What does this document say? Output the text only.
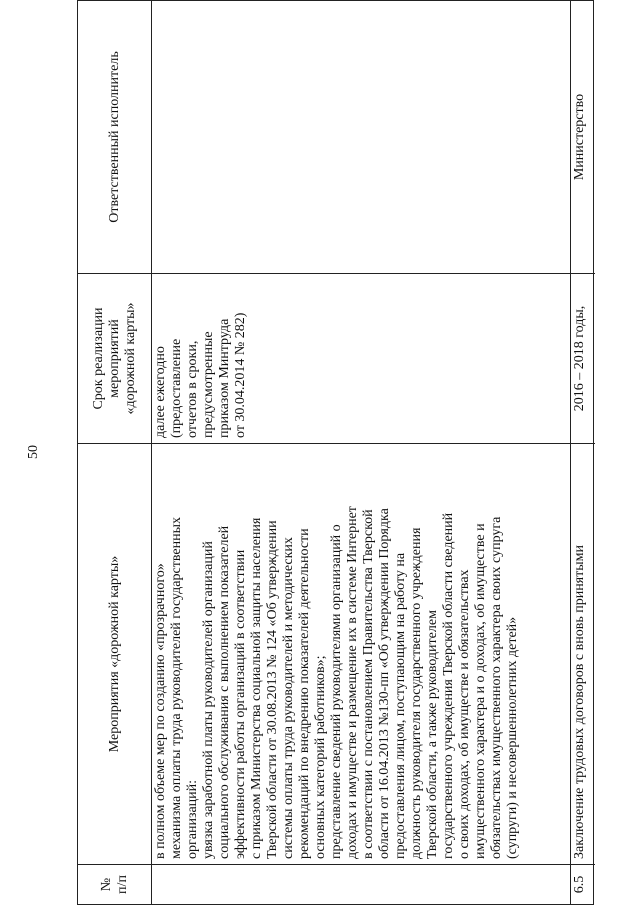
50
№ п/п
Мероприятия «дорожной карты»
Срок реализации мероприятий «дорожной карты»
Ответственный исполнитель
в полном объеме мер по созданию «прозрачного» механизма оплаты труда руководителей государственных организаций: увязка заработной платы руководителей организаций социального обслуживания с выполнением показателей эффективности работы организаций в соответствии с приказом Министерства социальной защиты населения Тверской области от 30.08.2013 № 124 «Об утверждении системы оплаты труда руководителей и методических рекомендаций по внедрению показателей деятельности основных категорий работников»; представление сведений руководителями организаций о доходах и имуществе и размещение их в системе Интернет в соответствии с постановлением Правительства Тверской области от 16.04.2013 №130-пп «Об утверждении Порядка предоставления лицом, поступающим на работу на должность руководителя государственного учреждения Тверской области, а также руководителем государственного учреждения Тверской области сведений о своих доходах, об имуществе и обязательствах имущественного характера и о доходах, об имуществе и обязательствах имущественного характера своих супруга (супруги) и несовершеннолетних детей»
далее ежегодно (предоставление отчетов в сроки, предусмотренные приказом Минтруда от 30.04.2014 № 282)
6.5
Заключение трудовых договоров с вновь принятыми
2016 – 2018 годы,
Министерство
